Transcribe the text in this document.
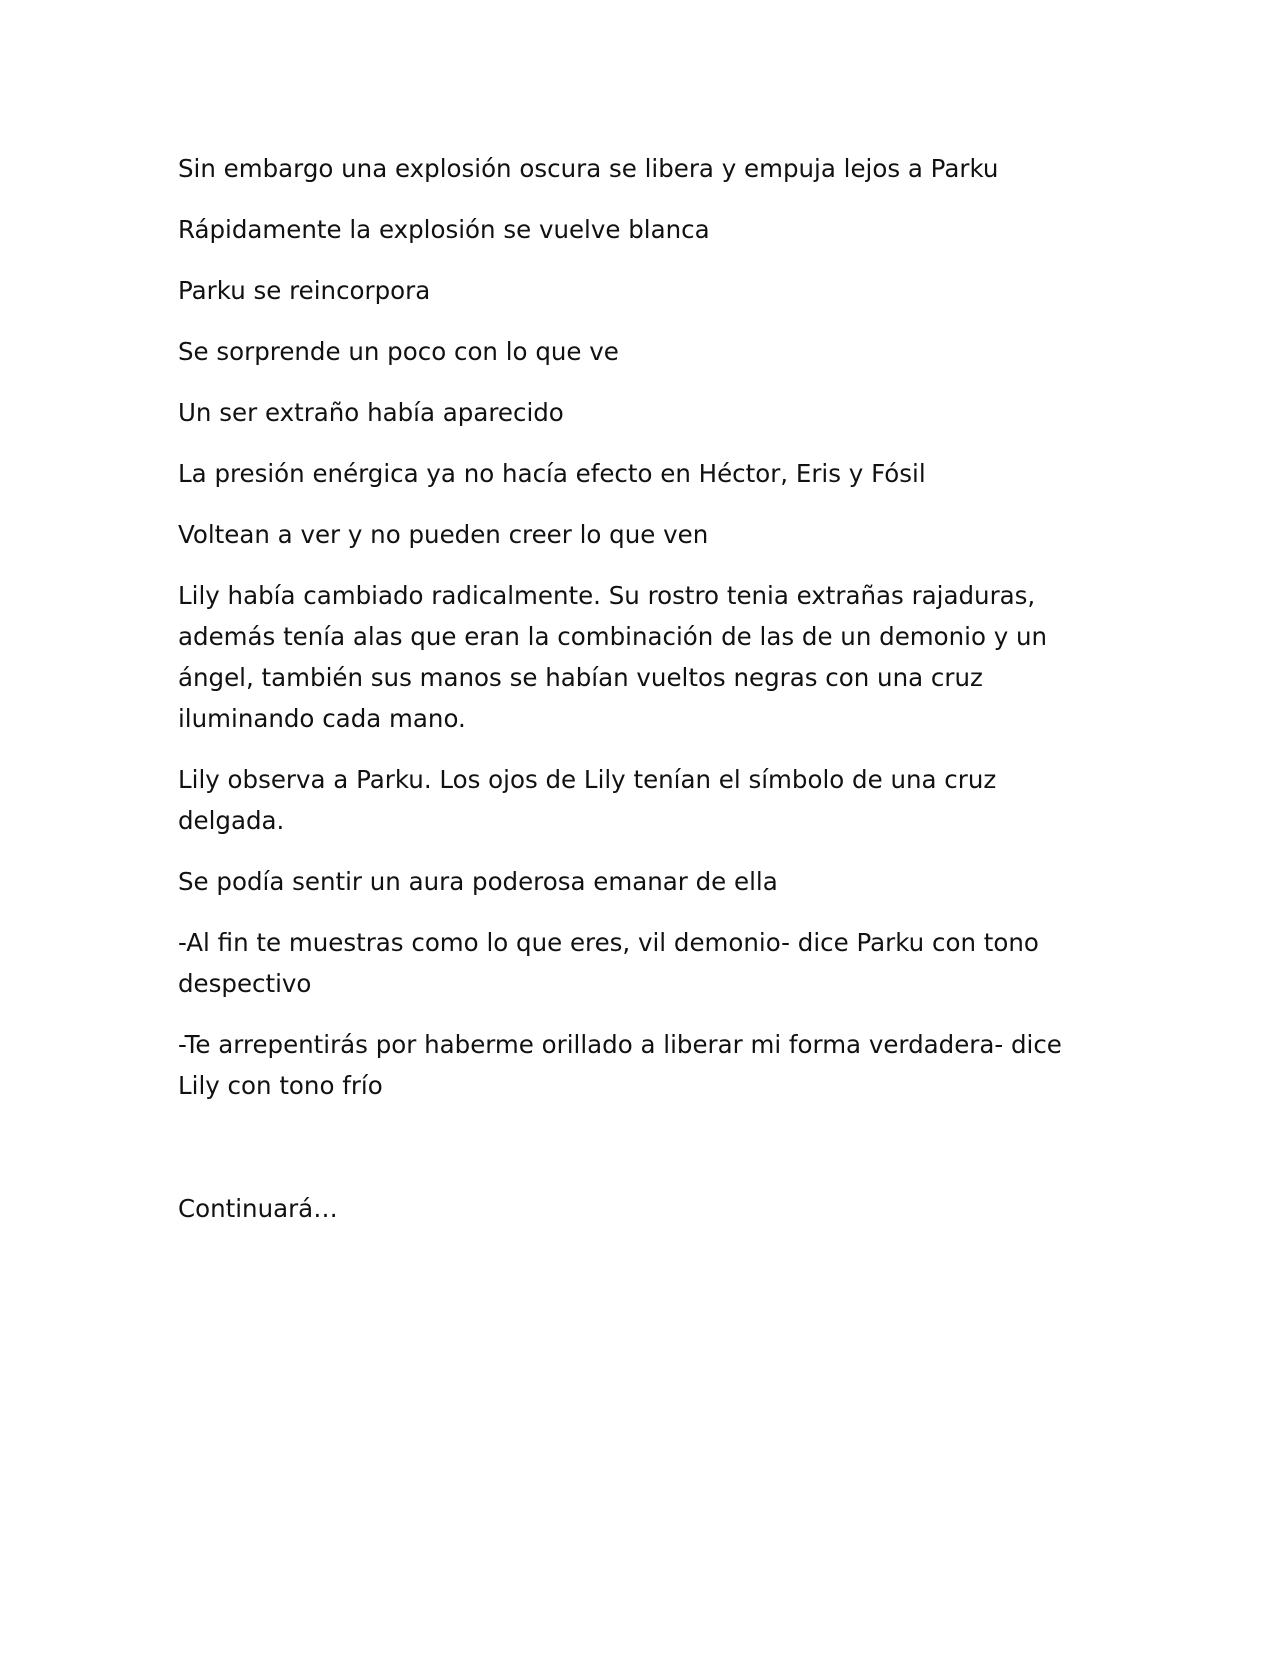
Sin embargo una explosión oscura se libera y empuja lejos a Parku

Rápidamente la explosión se vuelve blanca

Parku se reincorpora

Se sorprende un poco con lo que ve

Un ser extraño había aparecido

La presión enérgica ya no hacía efecto en Héctor, Eris y Fósil

Voltean a ver y no pueden creer lo que ven

Lily había cambiado radicalmente. Su rostro tenia extrañas rajaduras, además tenía alas que eran la combinación de las de un demonio y un ángel, también sus manos se habían vueltos negras con una cruz iluminando cada mano.

Lily observa a Parku. Los ojos de Lily tenían el símbolo de una cruz delgada.

Se podía sentir un aura poderosa emanar de ella

-Al fin te muestras como lo que eres, vil demonio- dice Parku con tono despectivo

-Te arrepentirás por haberme orillado a liberar mi forma verdadera- dice Lily con tono frío

Continuará…
